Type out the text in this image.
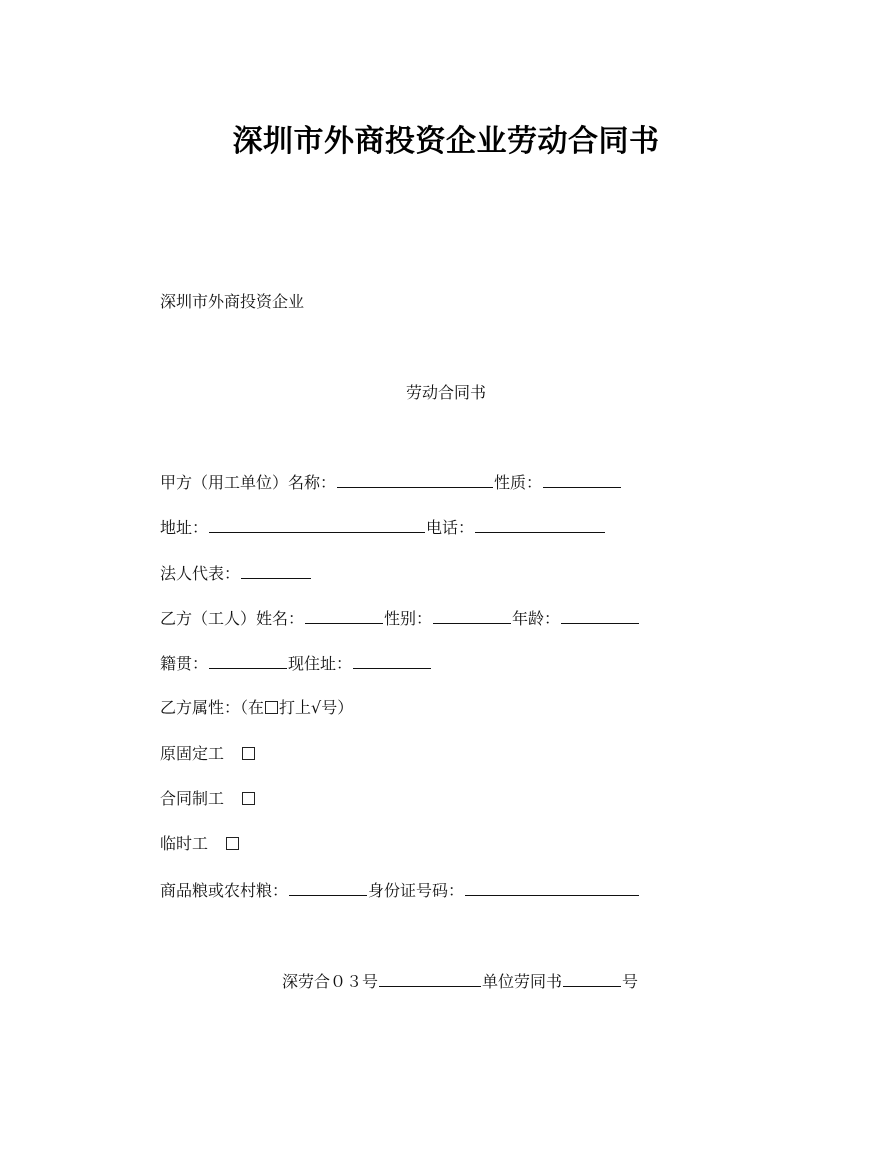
深圳市外商投资企业劳动合同书
深圳市外商投资企业
劳动合同书
甲方（用工单位）名称：	性质：
地址：	电话：
法人代表：
乙方（工人）姓名：	性别：	年龄：
籍贯：	现住址：
乙方属性：（在 打上√号）
原固定工
合同制工
临时工
商品粮或农村粮：	身份证号码：
深劳合０３号	单位劳同书	号
